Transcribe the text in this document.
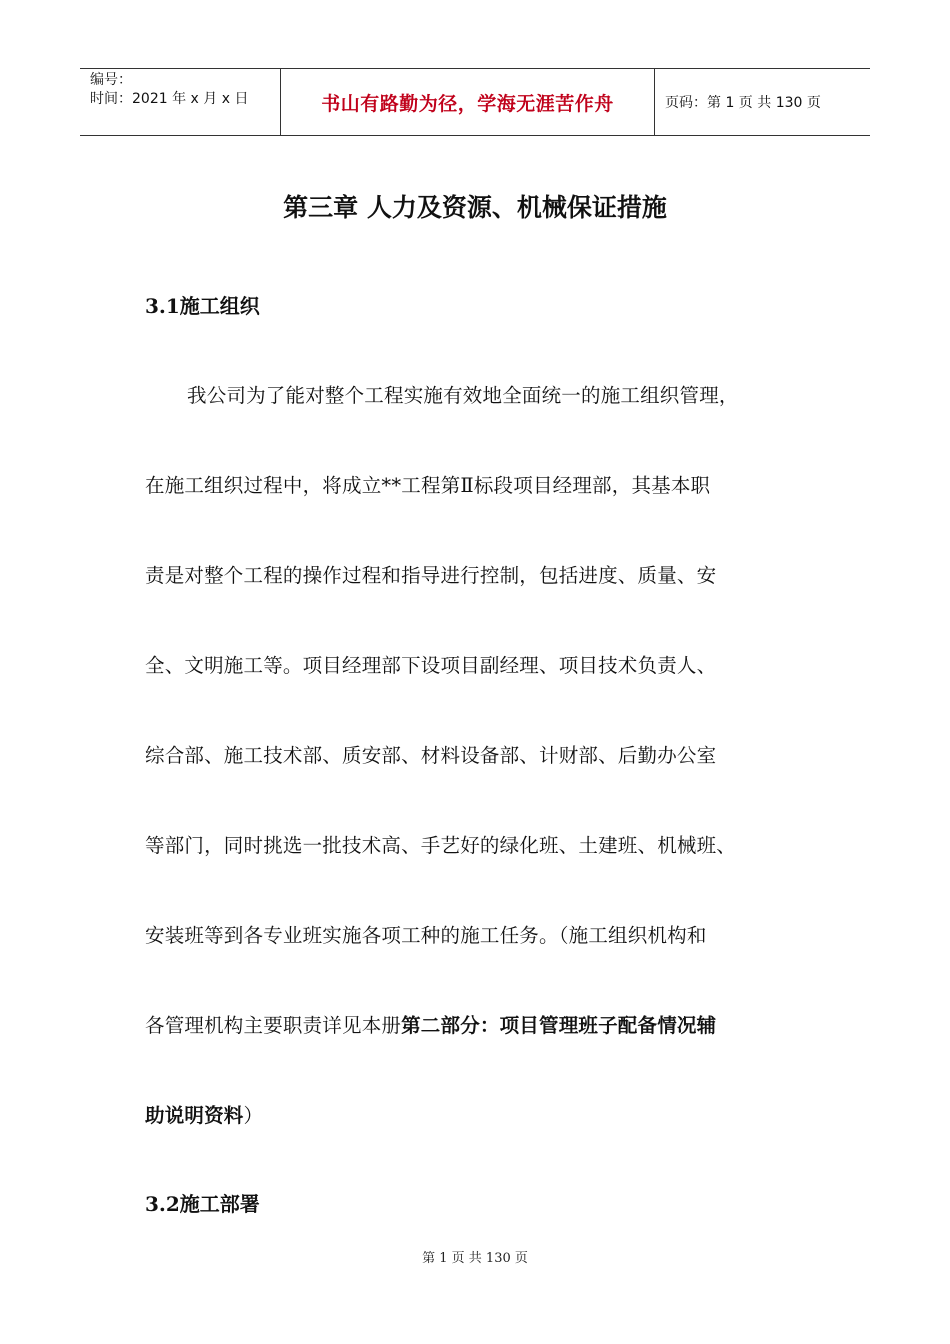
编号：
时间：2021 年 x 月 x 日	书山有路勤为径，学海无涯苦作舟	页码：第 1 页 共 130 页
第三章 人力及资源、机械保证措施
3.1施工组织
我公司为了能对整个工程实施有效地全面统一的施工组织管理，
在施工组织过程中，将成立**工程第Ⅱ标段项目经理部，其基本职
责是对整个工程的操作过程和指导进行控制，包括进度、质量、安
全、文明施工等。项目经理部下设项目副经理、项目技术负责人、
综合部、施工技术部、质安部、材料设备部、计财部、后勤办公室
等部门，同时挑选一批技术高、手艺好的绿化班、土建班、机械班、
安装班等到各专业班实施各项工种的施工任务。（施工组织机构和
各管理机构主要职责详见本册第二部分：项目管理班子配备情况辅
助说明资料）
3.2施工部署
第 1 页 共 130 页
